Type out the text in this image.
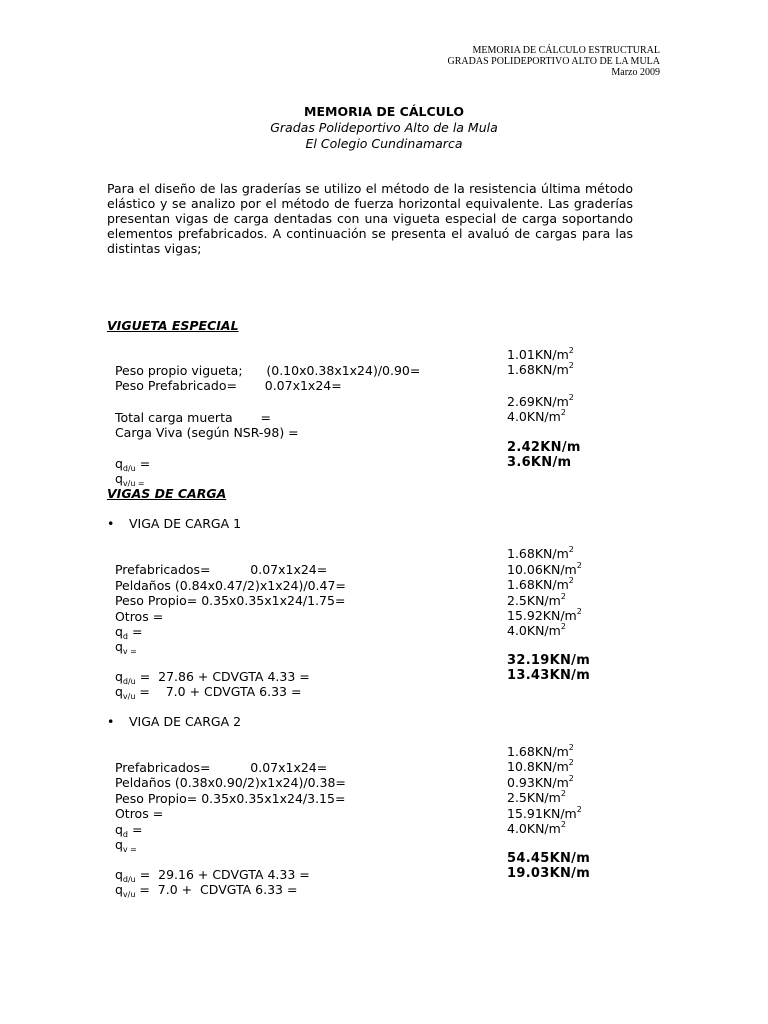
MEMORIA DE CÁLCULO ESTRUCTURAL
GRADAS POLIDEPORTIVO ALTO DE LA MULA
Marzo 2009
MEMORIA DE CÁLCULO
Gradas Polideportivo Alto de la Mula
El Colegio Cundinamarca
Para el diseño de las graderías se utilizo el método de la resistencia última método
elástico y se analizo por el método de fuerza horizontal equivalente. Las graderías
presentan vigas de carga dentadas con una vigueta especial de carga soportando
elementos prefabricados. A continuación se presenta el avaluó de cargas para las
distintas vigas;
VIGUETA ESPECIAL

Peso propio vigueta;      (0.10x0.38x1x24)/0.90=

$1.01KN/m^2$

Peso Prefabricado=       0.07x1x24=

$1.68KN/m^2$

Total carga muerta       =

$2.69KN/m^2$

Carga Viva (según NSR-98) =

$4.0KN/m^2$

$q_{d/u}$ =

2.42KN/m

$q_{v/u =}$

3.6KN/m

VIGAS DE CARGA
• VIGA DE CARGA 1

Prefabricados=          0.07x1x24=

$1.68KN/m^2$

Peldaños (0.84x0.47/2)x1x24)/0.47=

$10.06KN/m^2$

Peso Propio= 0.35x0.35x1x24/1.75=

$1.68KN/m^2$

Otros =

$2.5KN/m^2$

$q_d$ =

$15.92KN/m^2$

$q_{v =}$

$4.0KN/m^2$

$q_{d/u} = 27.86$ + CDVGTA 4.33 =

32.19KN/m

$q_{v/u}$ =    7.0 + CDVGTA 6.33 =

13.43KN/m

• VIGA DE CARGA 2

Prefabricados=          0.07x1x24=

$1.68KN/m^2$

Peldaños (0.38x0.90/2)x1x24)/0.38=

$10.8KN/m^2$

Peso Propio= 0.35x0.35x1x24/3.15=

$0.93KN/m^2$

Otros =

$2.5KN/m^2$

$q_d$ =

$15.91KN/m^2$

$q_{v =}$

$4.0KN/m^2$

$q_{d/u} = 29.16$ + CDVGTA 4.33 =

54.45KN/m

$q_{v/u} = 7.0$ +  CDVGTA 6.33 =

19.03KN/m
